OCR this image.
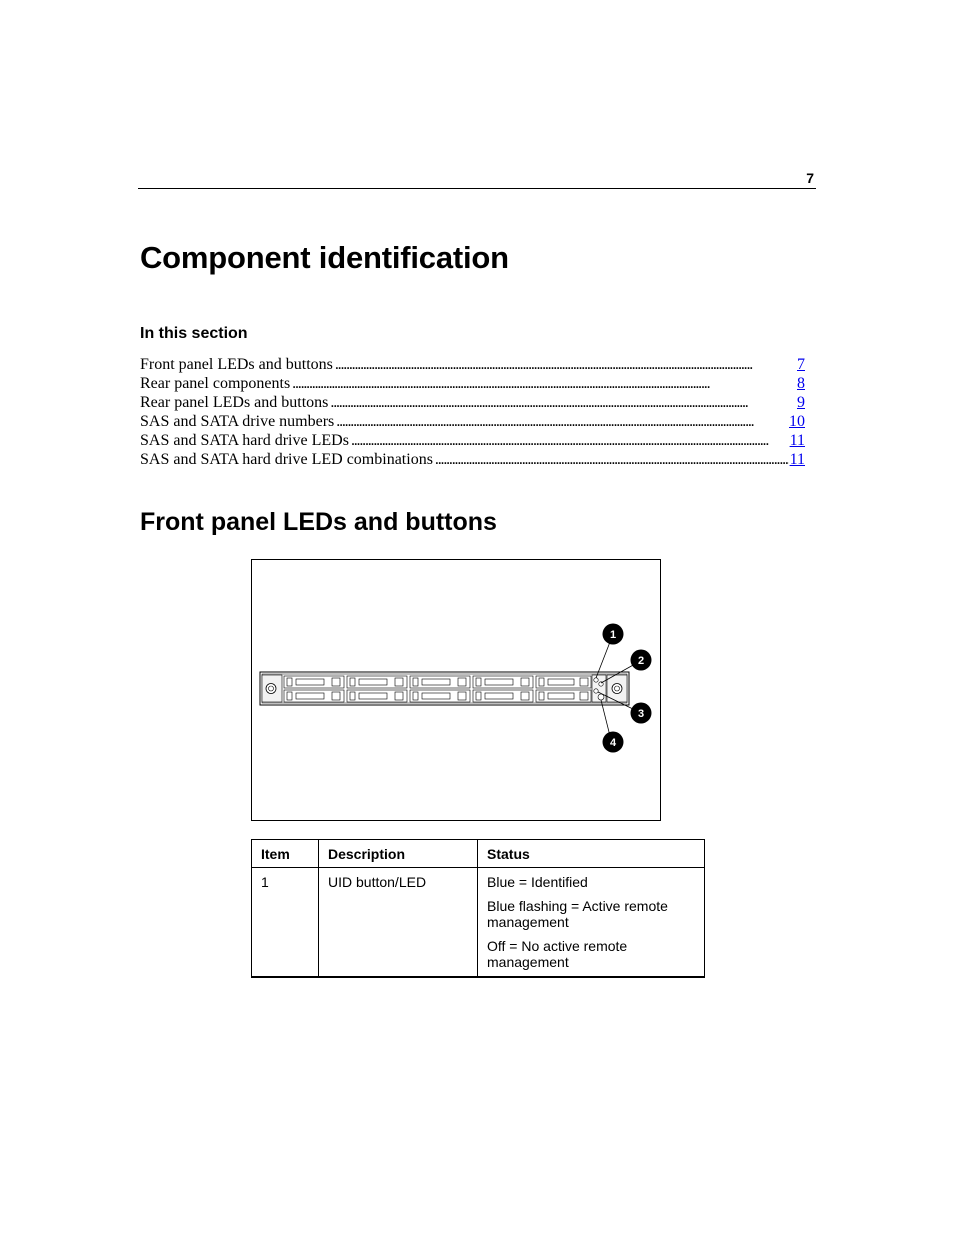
7
Component identification
In this section
Front panel LEDs and buttons . . .	7
Rear panel components . . .	8
Rear panel LEDs and buttons . . .	9
SAS and SATA drive numbers . . .	10
SAS and SATA hard drive LEDs . . .	11
SAS and SATA hard drive LED combinations . . .	11
Front panel LEDs and buttons
1
2
3
4
Item	Description	Status
1	UID button/LED	Blue = Identified
Blue flashing = Active remote management
Off = No active remote management
